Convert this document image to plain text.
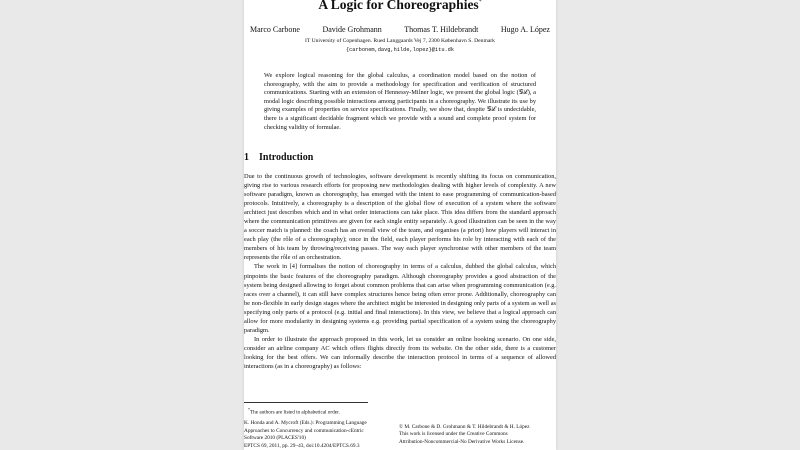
A Logic for Choreographies*
Marco Carbone	Davide Grohmann	Thomas T. Hildebrandt	Hugo A. López
IT University of Copenhagen. Rued Langgaards Vej 7, 2300 København S. Denmark
{carbonem,davg,hilde,lopez}@itu.dk

We explore logical reasoning for the global calculus, a coordination model based on the notion of choreography, with the aim to provide a methodology for specification and verification of structured communications. Starting with an extension of Hennessy-Milner logic, we present the global logic (𝒢ℒ), a modal logic describing possible interactions among participants in a choreography. We illustrate its use by giving examples of properties on service specifications. Finally, we show that, despite 𝒢ℒ is undecidable, there is a significant decidable fragment which we provide with a sound and complete proof system for checking validity of formulae.

1 Introduction

Due to the continuous growth of technologies, software development is recently shifting its focus on communication, giving rise to various research efforts for proposing new methodologies dealing with higher levels of complexity. A new software paradigm, known as choreography, has emerged with the intent to ease programming of communication-based protocols. Intuitively, a choreography is a description of the global flow of execution of a system where the software architect just describes which and in what order interactions can take place. This idea differs from the standard approach where the communication primitives are given for each single entity separately. A good illustration can be seen in the way a soccer match is planned: the coach has an overall view of the team, and organises (a priori) how players will interact in each play (the rôle of a choreography); once in the field, each player performs his role by interacting with each of the members of his team by throwing/receiving passes. The way each player synchronise with other members of the team represents the rôle of an orchestration.

The work in [4] formalises the notion of choreography in terms of a calculus, dubbed the global calculus, which pinpoints the basic features of the choreography paradigm. Although choreography provides a good abstraction of the system being designed allowing to forget about common problems that can arise when programming communication (e.g. races over a channel), it can still have complex structures hence being often error prone. Additionally, choreography can be non-flexible in early design stages where the architect might be interested in designing only parts of a system as well as specifying only parts of a protocol (e.g. initial and final interactions). In this view, we believe that a logical approach can allow for more modularity in designing systems e.g. providing partial specification of a system using the choreography paradigm.

In order to illustrate the approach proposed in this work, let us consider an online booking scenario. On one side, consider an airline company AC which offers flights directly from its website. On the other side, there is a customer looking for the best offers. We can informally describe the interaction protocol in terms of a sequence of allowed interactions (as in a choreography) as follows:

*The authors are listed in alphabetical order.
K. Honda and A. Mycroft (Eds.): Programming Language
Approaches to Concurrency and communication-cEntric
Software 2010 (PLACES'10)
EPTCS 69, 2011, pp. 29–43, doi:10.4204/EPTCS.69.3
© M. Carbone & D. Grohmann & T. Hildebrandt & H. López
This work is licensed under the Creative Commons
Attribution-Noncommercial-No Derivative Works License.
